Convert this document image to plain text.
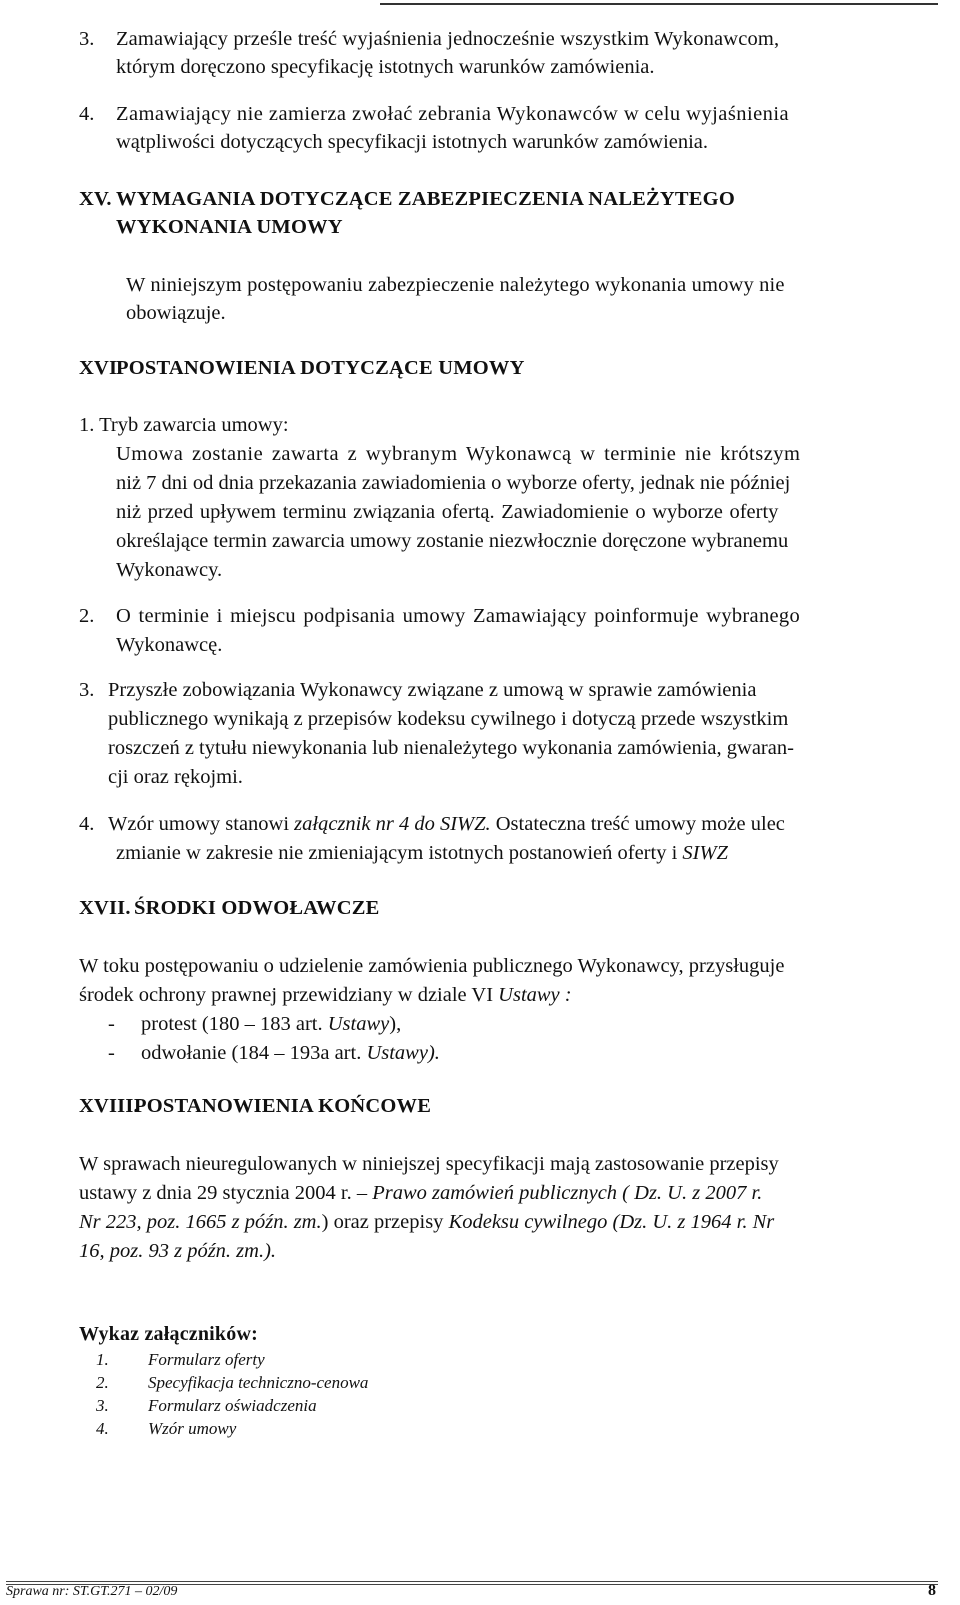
3. Zamawiający prześle treść wyjaśnienia jednocześnie wszystkim Wykonawcom,
którym doręczono specyfikację istotnych warunków zamówienia.
4. Zamawiający nie zamierza zwołać zebrania Wykonawców w celu wyjaśnienia
wątpliwości dotyczących specyfikacji istotnych warunków zamówienia.
XV. WYMAGANIA DOTYCZĄCE ZABEZPIECZENIA NALEŻYTEGO
WYKONANIA UMOWY
W niniejszym postępowaniu zabezpieczenie należytego wykonania umowy nie
obowiązuje.
XVI.
POSTANOWIENIA DOTYCZĄCE UMOWY
1. Tryb zawarcia umowy:
Umowa zostanie zawarta z wybranym Wykonawcą w terminie nie krótszym
niż 7 dni od dnia przekazania zawiadomienia o wyborze oferty, jednak nie później
niż przed upływem terminu związania ofertą. Zawiadomienie o wyborze oferty
określające termin zawarcia umowy zostanie niezwłocznie doręczone wybranemu
Wykonawcy.
2. O terminie i miejscu podpisania umowy Zamawiający poinformuje wybranego
Wykonawcę.
3. Przyszłe zobowiązania Wykonawcy związane z umową w sprawie zamówienia
publicznego wynikają z przepisów kodeksu cywilnego i dotyczą przede wszystkim
roszczeń z tytułu niewykonania lub nienależytego wykonania zamówienia, gwaran-
cji oraz rękojmi.
4. Wzór umowy stanowi załącznik nr 4 do SIWZ. Ostateczna treść umowy może ulec
zmianie w zakresie nie zmieniającym istotnych postanowień oferty i SIWZ
XVII. ŚRODKI ODWOŁAWCZE
W toku postępowaniu o udzielenie zamówienia publicznego Wykonawcy, przysługuje
środek ochrony prawnej przewidziany w dziale VI Ustawy :
- protest (180 – 183 art. Ustawy),
- odwołanie (184 – 193a art. Ustawy).
XVIII.
POSTANOWIENIA KOŃCOWE
W sprawach nieuregulowanych w niniejszej specyfikacji mają zastosowanie przepisy
ustawy z dnia 29 stycznia 2004 r. – Prawo zamówień publicznych ( Dz. U. z 2007 r.
Nr 223, poz. 1665 z późn. zm.) oraz przepisy Kodeksu cywilnego (Dz. U. z 1964 r. Nr
16, poz. 93 z późn. zm.).
Wykaz załączników:
1. Formularz oferty
2. Specyfikacja techniczno-cenowa
3. Formularz oświadczenia
4. Wzór umowy
Sprawa nr: ST.GT.271 – 02/09	8
